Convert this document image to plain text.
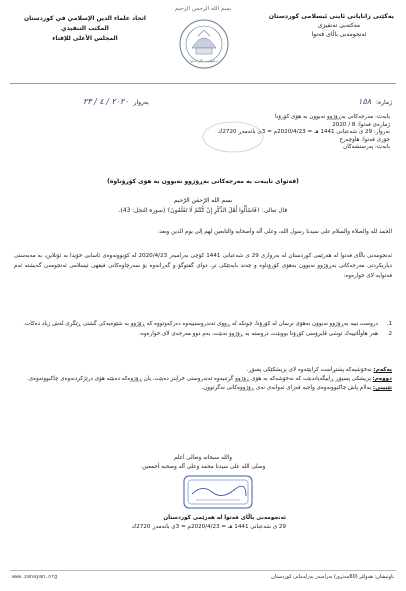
یەکێتی زانایانی ئاینی ئیسلامی کوردستان
مەکتەبی تەنفیزی
ئەنجومەنی باڵای فەتوا
بسم الله الرحمن الرحيم
ئەنجومەنی باڵای فەتوا
اتحاد علماء الدين الإسلامي في كوردستان
المكتب التنفيذي
المجلس الأعلى للإفتاء
ژمارە: ١٥٨
بەروار ٢٠٢٠ / ٤ / ٢٣
بابەت: مەرجەكانی بەڕۆژوو نەبوون بە هۆی كۆرۆنا
ژمارەی فەتوا: 8 / 2020
بەروار: 29 ی شەعبانی 1441 هـ = 2020/4/23م = 3ی بانەمەڕ 2720ك
جۆری فەتوا: هاوچەرخ
بابەت: پەرستشەكان
(فەتوای تایبەت بە مەرجەكانی بەڕۆژوو نەبوون بە هۆی كۆرۆناوە)
بسم الله الرّحمٰن الرّحيم
قال تعالى: ﴿فَاسْأَلُوا أَهْلَ الذِّكْرِ إِنْ كُنْتُمْ لَا تَعْلَمُونَ﴾ (سورة النحل: 43).
الحمد لله والصلاة والسلام على سيدنا رسول الله، وعلى آله وأصحابه والتابعين لهم إلى يوم الدين وبعد:
ئەنجومەنی باڵای فەتوا لە هەرێمی كوردستان لە بەرواری 29 ی شەعبانی 1441 كۆچی بەرامبەر 2020/4/23 لە كۆبوونەوەی ئاسایی خۆیدا بە ئۆنلاین، بە مەبەستی دیاریكردنی مەرجەكانی بەڕۆژوو نەبوون بەهۆی كۆرۆناوە و چەند بابەتێكی تر، دوای گفتوگۆ و گەڕانەوە بۆ سەرچاوەكانی فیقهی ئیسلامی ئەنجومەن گەیشتە ئەم فەتوایە لای خوارەوە:
1.
دروست نییە بەڕۆژوو نەبوون بەهۆی ترسان لە كۆرۆنا، چونكە لە ڕووی تەندروستییەوە دەركەوتووە كە ڕۆژوو بە شێوەیەكی گشتی ڕێگری لەش زیاد دەكات.
2.
هەر هاوڵاتییەك توشی ڤایرۆسی كۆرۆنا بووبێت، دروستە بە ڕۆژوو نەبێت، بەم دوو مەرجەی لای خوارەوە:
یەكەم: نەخۆشیەكە پشتڕاست كرابێتەوە لای پزیشكێكی پسۆڕ.
دووەم: پزیشكی پسپۆڕ ڕاییگەیاندبێت كە نەخۆشەكە بە هۆی ڕۆژوو گرتنیەوە تەندروستی خراپتر دەبێت، یان ڕۆژوەكە دەبێتە هۆی درێژكردنەوەی چاكبوونەوەی.
تێبینی: بەلام پاش چاكبوونەوەی واجبە قەزای ئەوانەی نەی ڕۆژووەكانی نەگرتوون.
والله سبحانه وتعالى أعلم
وصلى الله على سيدنا محمد وعلى آله وصحبه أجمعين.
ئەنجومەنی باڵای فەتوا لە هەرێمی كوردستان
29 ی شەعبانی 1441 هـ = 2020/4/23م = 3ی بانەمەڕ 2720ك
ناونیشان: هەولێر (60مەتری) بەرامبەر پەرلەمانی كوردستان
www.zanayan.org
